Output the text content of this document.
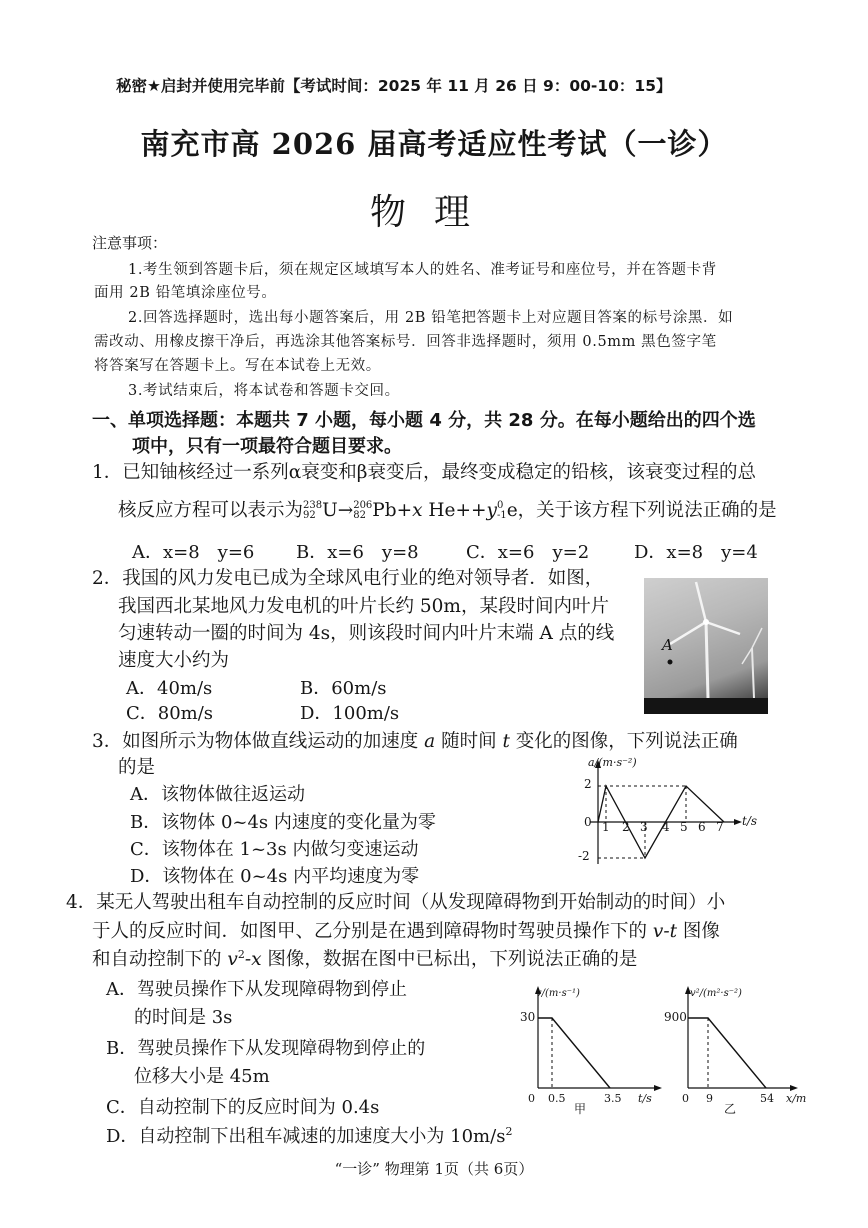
秘密★启封并使用完毕前【考试时间：2025 年 11 月 26 日 9：00-10：15】
南充市高 2026 届高考适应性考试（一诊）
物理
注意事项：
1.考生领到答题卡后，须在规定区域填写本人的姓名、准考证号和座位号，并在答题卡背
面用 2B 铅笔填涂座位号。
2.回答选择题时，选出每小题答案后，用 2B 铅笔把答题卡上对应题目答案的标号涂黑．如
需改动、用橡皮擦干净后，再选涂其他答案标号．回答非选择题时，须用 0.5mm 黑色签字笔
将答案写在答题卡上。写在本试卷上无效。
3.考试结束后，将本试卷和答题卡交回。
一、单项选择题：本题共 7 小题，每小题 4 分，共 28 分。在每小题给出的四个选
项中，只有一项最符合题目要求。
1．已知铀核经过一系列α衰变和β衰变后，最终变成稳定的铅核，该衰变过程的总
核反应方程可以表示为 238
92 U→ 206
82 Pb+x He++y 0
-1 e，关于该方程下列说法正确的是
A．x=8　y=6 B．x=6　y=8	C．x=6　y=2 D．x=8　y=4
2．我国的风力发电已成为全球风电行业的绝对领导者．如图，
我国西北某地风力发电机的叶片长约 50m，某段时间内叶片
匀速转动一圈的时间为 4s，则该段时间内叶片末端 A 点的线
速度大小约为
A．40m/s	B．60m/s
C．80m/s	D．100m/s
A
3．如图所示为物体做直线运动的加速度 a 随时间 t 变化的图像，下列说法正确
的是
A．该物体做往返运动
B．该物体 0~4s 内速度的变化量为零
C．该物体在 1~3s 内做匀变速运动
D．该物体在 0~4s 内平均速度为零
a/(m·s⁻²)
t/s
2
-2
0 1 2 3 4 5 6 7
4．某无人驾驶出租车自动控制的反应时间（从发现障碍物到开始制动的时间）小
于人的反应时间．如图甲、乙分别是在遇到障碍物时驾驶员操作下的 v-t 图像
和自动控制下的 $v^2-x$ 图像，数据在图中已标出，下列说法正确的是
A．驾驶员操作下从发现障碍物到停止
的时间是 3s
B．驾驶员操作下从发现障碍物到停止的
位移大小是 45m
C．自动控制下的反应时间为 0.4s
D．自动控制下出租车减速的加速度大小为 $10m/s^2$
v/(m·s⁻¹)
30
0 0.5	3.5 t/s
甲
v²/(m²·s⁻²)
900
0 9	54 x/m
乙
“一诊” 物理第 1页（共 6页）
